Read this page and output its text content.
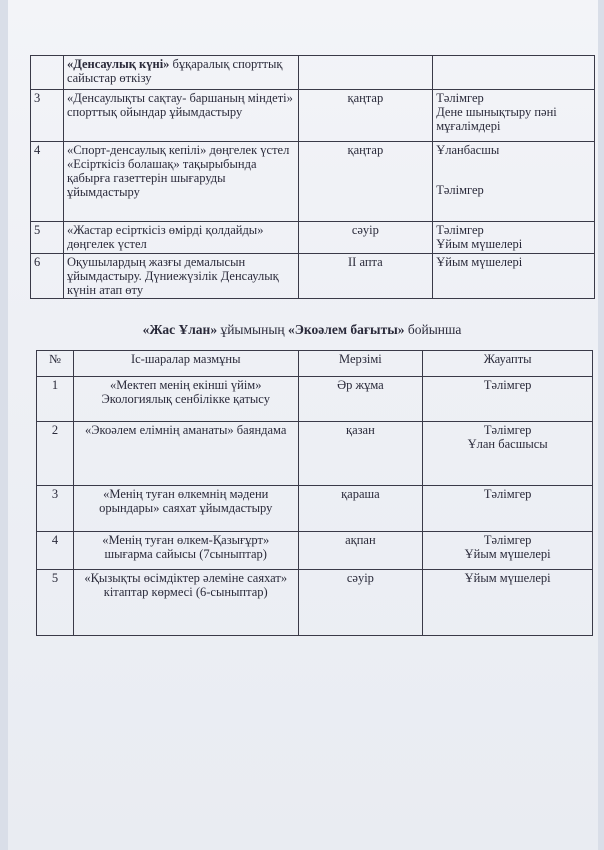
	«Денсаулық күні» бұқаралық спорттық сайыстар өткізу		

3	«Денсаулықты сақтау- баршаның міндеті» спорттық ойындар ұйымдастыру	қаңтар	Тәлімгер
Дене шынықтыру пәні мұғалімдері

4	«Спорт-денсаулық кепілі» дөңгелек үстел «Есірткісіз болашақ» тақырыбында қабырға газеттерін шығаруды ұйымдастыру	қаңтар	Ұланбасшы
Тәлімгер

5	«Жастар есірткісіз өмірді қолдайды» дөңгелек үстел	сәуір	Тәлімгер
Ұйым мүшелері

6	Оқушылардың жазғы демалысын ұйымдастыру. Дүниежүзілік Денсаулық күнін атап өту	ІІ апта	Ұйым мүшелері
«Жас Ұлан» ұйымының «Экоәлем бағыты» бойынша
№	Іс-шаралар мазмұны	Мерзімі	Жауапты
1	«Мектеп менің екінші үйім» Экологиялық сенбілікке қатысу	Әр жұма	Тәлімгер

2	«Экоәлем елімнің аманаты» баяндама	қазан	Тәлімгер
Ұлан басшысы

3	«Менің туған өлкемнің мәдени орындары» саяхат ұйымдастыру	қараша	Тәлімгер

4	«Менің туған өлкем-Қазығұрт» шығарма сайысы (7сыныптар)	ақпан	Тәлімгер
Ұйым мүшелері

5	«Қызықты өсімдіктер әлеміне саяхат» кітаптар көрмесі (6-сыныптар)	сәуір	Ұйым мүшелері
